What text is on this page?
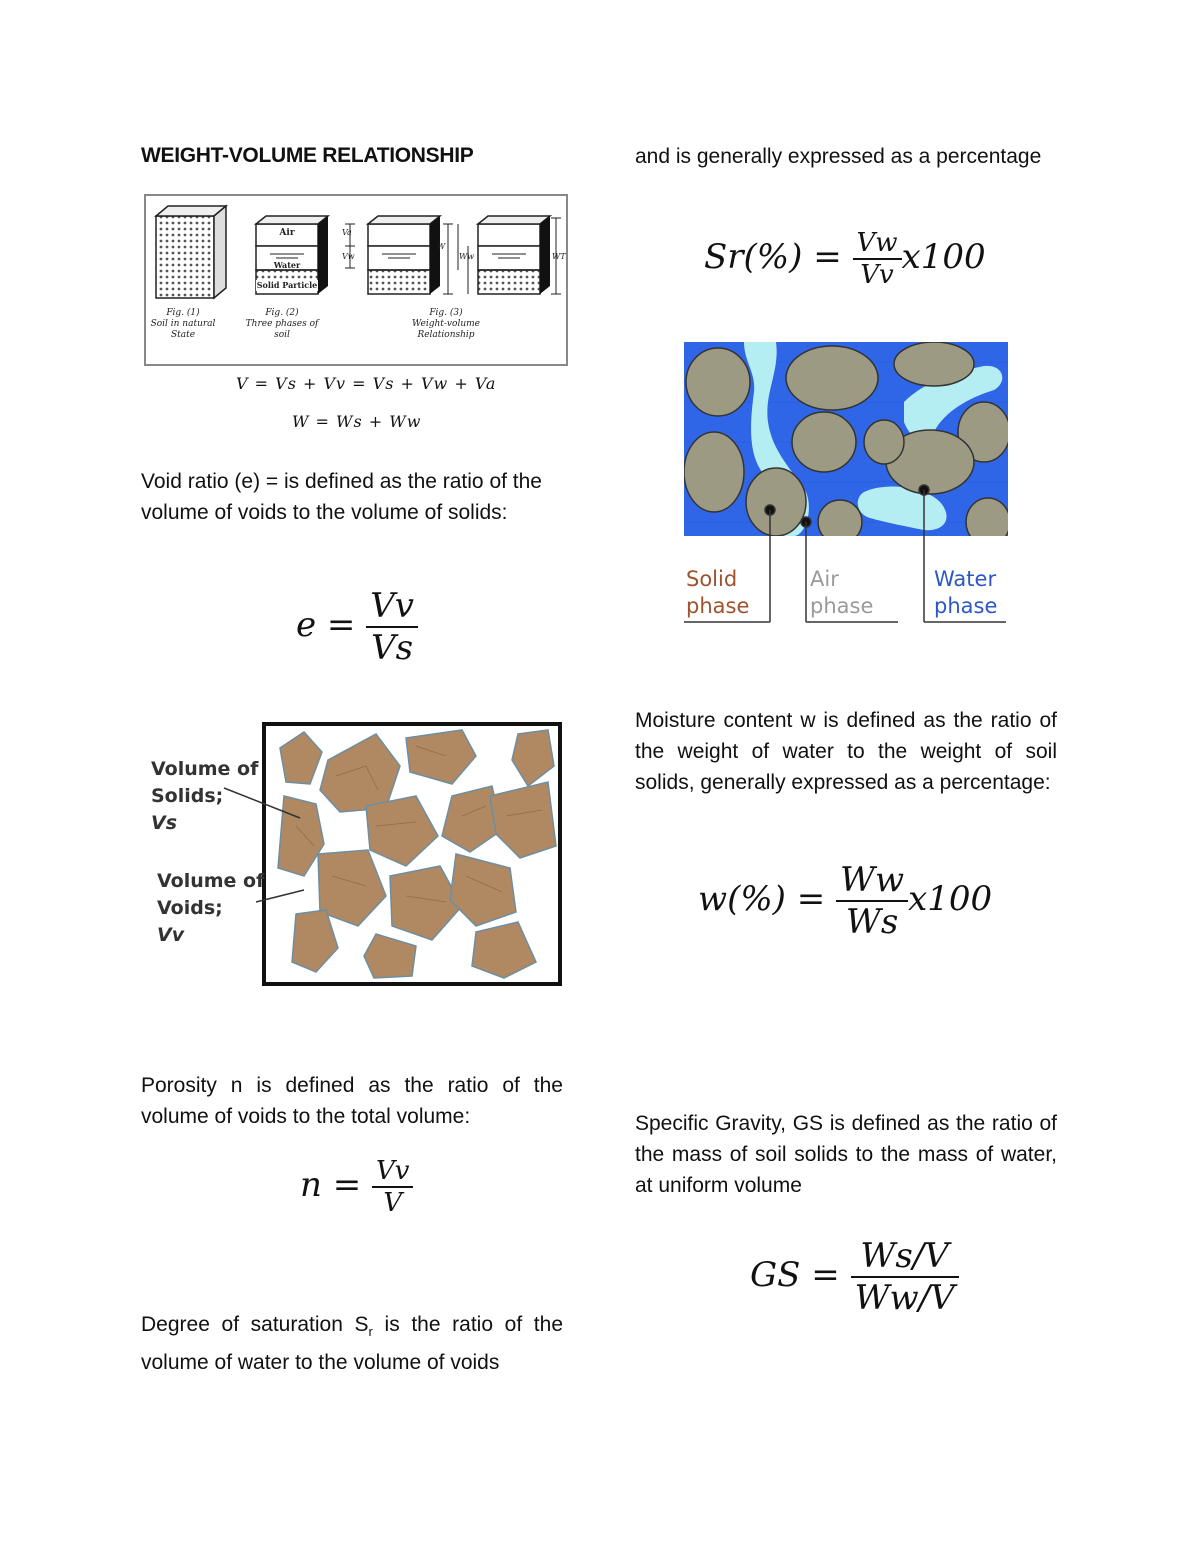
WEIGHT-VOLUME RELATIONSHIP
Air
Water
Solid Particle
Va
Vw
W
Ww	WT
Fig. (1)
Soil in natural
State
Fig. (2)
Three phases of
soil
Fig. (3)
Weight-volume
Relationship
V = Vs + Vv = Vs + Vw + Va
W = Ws + Ww
Void ratio (e) = is defined as the ratio of the volume of voids to the volume of solids:
$e = \frac{Vv}{Vs}$
Volume of
Solids;
Vs
Volume of
Voids;
Vv
Porosity n is defined as the ratio of the volume of voids to the total volume:
$n = \frac{Vv}{V}$
Degree of saturation $S_r$ is the ratio of the volume of water to the volume of voids
and is generally expressed as a percentage
$Sr(\%) = \frac{Vw}{Vv} x100$
Solid
phase
Air
phase
Water
phase
Moisture content w is defined as the ratio of the weight of water to the weight of soil solids, generally expressed as a percentage:
$w(\%) = \frac{Ww}{Ws} x100$
Specific Gravity, GS is defined as the ratio of the mass of soil solids to the mass of water, at uniform volume
GS = $\frac{Ws/V}{Ww/V}$
